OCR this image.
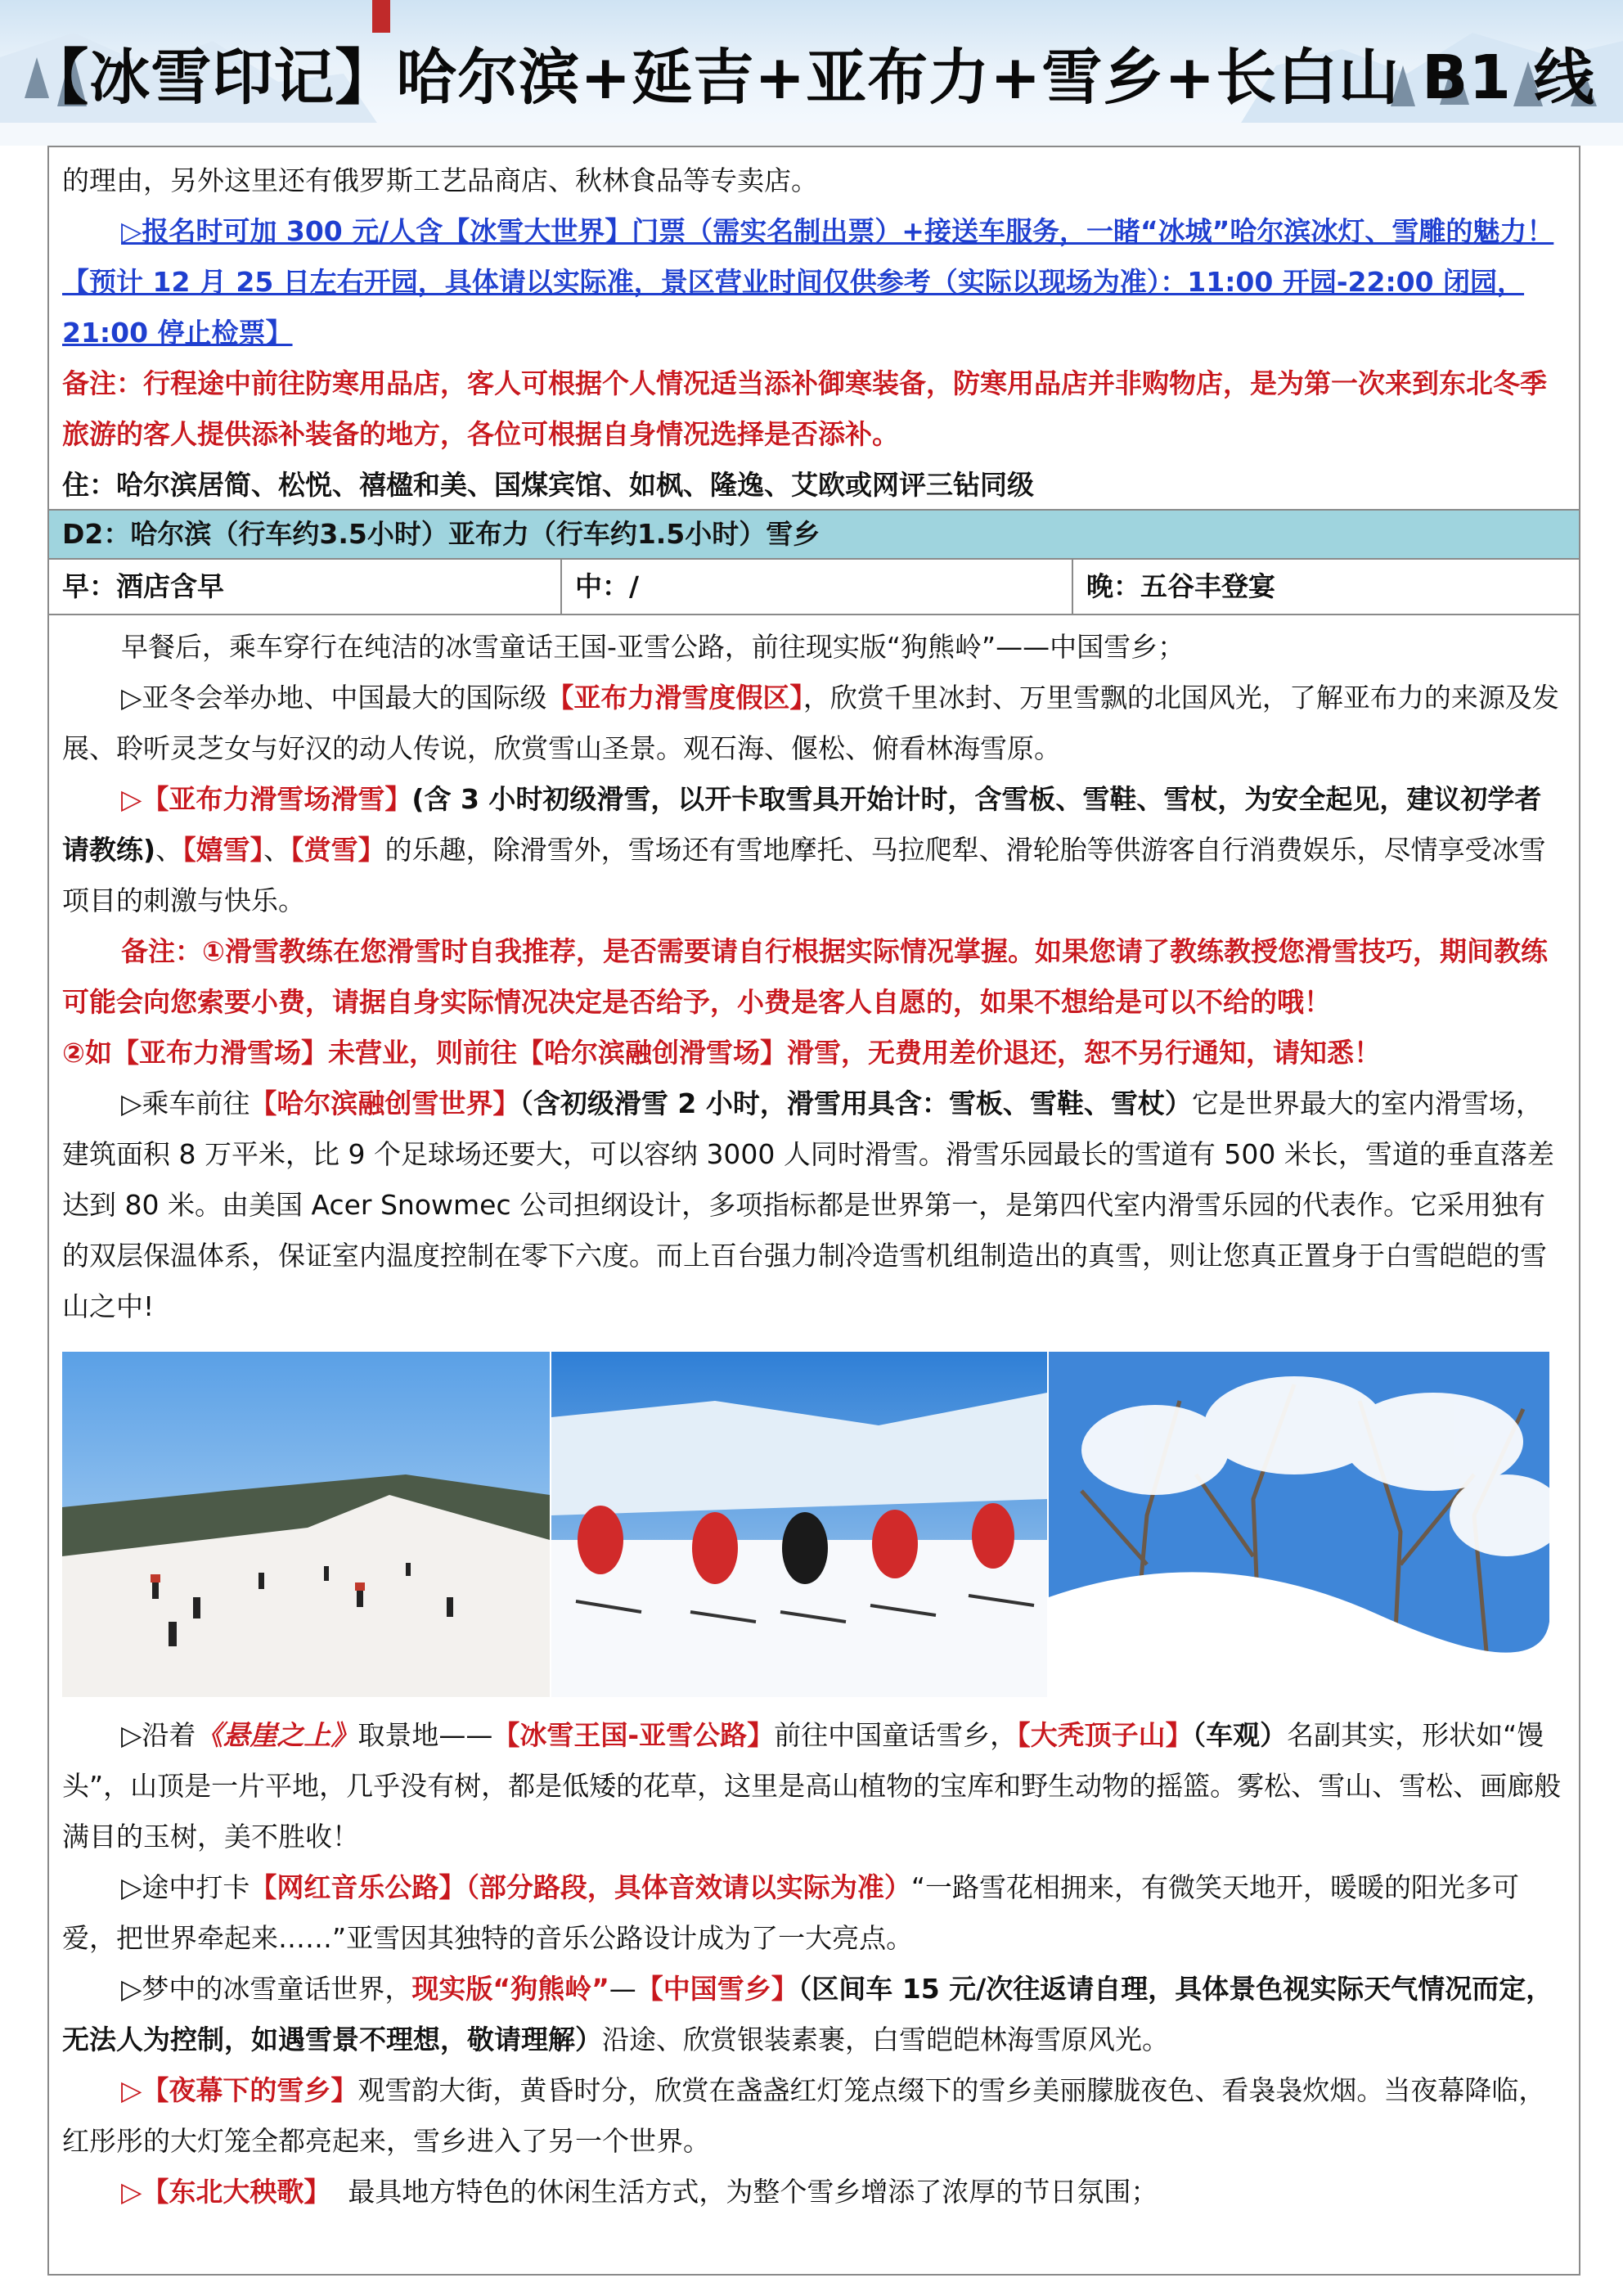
【冰雪印记】哈尔滨+延吉+亚布力+雪乡+长白山 B1 线

的理由，另外这里还有俄罗斯工艺品商店、秋林食品等专卖店。

▷报名时可加 300 元/人含【冰雪大世界】门票（需实名制出票）+接送车服务，一睹“冰城”哈尔滨冰灯、雪雕的魅力！【预计 12 月 25 日左右开园，具体请以实际准，景区营业时间仅供参考（实际以现场为准）：11:00 开园-22:00 闭园，21:00 停止检票】

备注：行程途中前往防寒用品店，客人可根据个人情况适当添补御寒装备，防寒用品店并非购物店，是为第一次来到东北冬季旅游的客人提供添补装备的地方，各位可根据自身情况选择是否添补。

住：哈尔滨居简、松悦、禧楹和美、国煤宾馆、如枫、隆逸、艾欧或网评三钻同级

D2：哈尔滨（行车约3.5小时）亚布力（行车约1.5小时）雪乡
早：酒店含早	中：/	晚：五谷丰登宴

早餐后，乘车穿行在纯洁的冰雪童话王国-亚雪公路，前往现实版“狗熊岭”——中国雪乡；

▷亚冬会举办地、中国最大的国际级【亚布力滑雪度假区】，欣赏千里冰封、万里雪飘的北国风光，了解亚布力的来源及发展、聆听灵芝女与好汉的动人传说，欣赏雪山圣景。观石海、偃松、俯看林海雪原。

▷【亚布力滑雪场滑雪】(含 3 小时初级滑雪，以开卡取雪具开始计时，含雪板、雪鞋、雪杖，为安全起见，建议初学者请教练)、【嬉雪】、【赏雪】的乐趣，除滑雪外，雪场还有雪地摩托、马拉爬犁、滑轮胎等供游客自行消费娱乐，尽情享受冰雪项目的刺激与快乐。

备注：①滑雪教练在您滑雪时自我推荐，是否需要请自行根据实际情况掌握。如果您请了教练教授您滑雪技巧，期间教练可能会向您索要小费，请据自身实际情况决定是否给予，小费是客人自愿的，如果不想给是可以不给的哦！

②如【亚布力滑雪场】未营业，则前往【哈尔滨融创滑雪场】滑雪，无费用差价退还，恕不另行通知，请知悉！

▷乘车前往【哈尔滨融创雪世界】（含初级滑雪 2 小时，滑雪用具含：雪板、雪鞋、雪杖）它是世界最大的室内滑雪场，建筑面积 8 万平米，比 9 个足球场还要大，可以容纳 3000 人同时滑雪。滑雪乐园最长的雪道有 500 米长，雪道的垂直落差达到 80 米。由美国 Acer Snowmec 公司担纲设计，多项指标都是世界第一，是第四代室内滑雪乐园的代表作。它采用独有的双层保温体系，保证室内温度控制在零下六度。而上百台强力制冷造雪机组制造出的真雪，则让您真正置身于白雪皑皑的雪山之中!

▷沿着《悬崖之上》取景地——【冰雪王国-亚雪公路】前往中国童话雪乡，【大秃顶子山】（车观）名副其实，形状如“馒头”，山顶是一片平地，几乎没有树，都是低矮的花草，这里是高山植物的宝库和野生动物的摇篮。雾松、雪山、雪松、画廊般满目的玉树，美不胜收！

▷途中打卡【网红音乐公路】（部分路段，具体音效请以实际为准）“一路雪花相拥来，有微笑天地开，暖暖的阳光多可爱，把世界牵起来……”亚雪因其独特的音乐公路设计成为了一大亮点。

▷梦中的冰雪童话世界，现实版“狗熊岭”—【中国雪乡】（区间车 15 元/次往返请自理，具体景色视实际天气情况而定，无法人为控制，如遇雪景不理想，敬请理解）沿途、欣赏银装素裹，白雪皑皑林海雪原风光。

▷【夜幕下的雪乡】观雪韵大街，黄昏时分，欣赏在盏盏红灯笼点缀下的雪乡美丽朦胧夜色、看袅袅炊烟。当夜幕降临，红彤彤的大灯笼全都亮起来，雪乡进入了另一个世界。

▷【东北大秧歌】 最具地方特色的休闲生活方式，为整个雪乡增添了浓厚的节日氛围；
